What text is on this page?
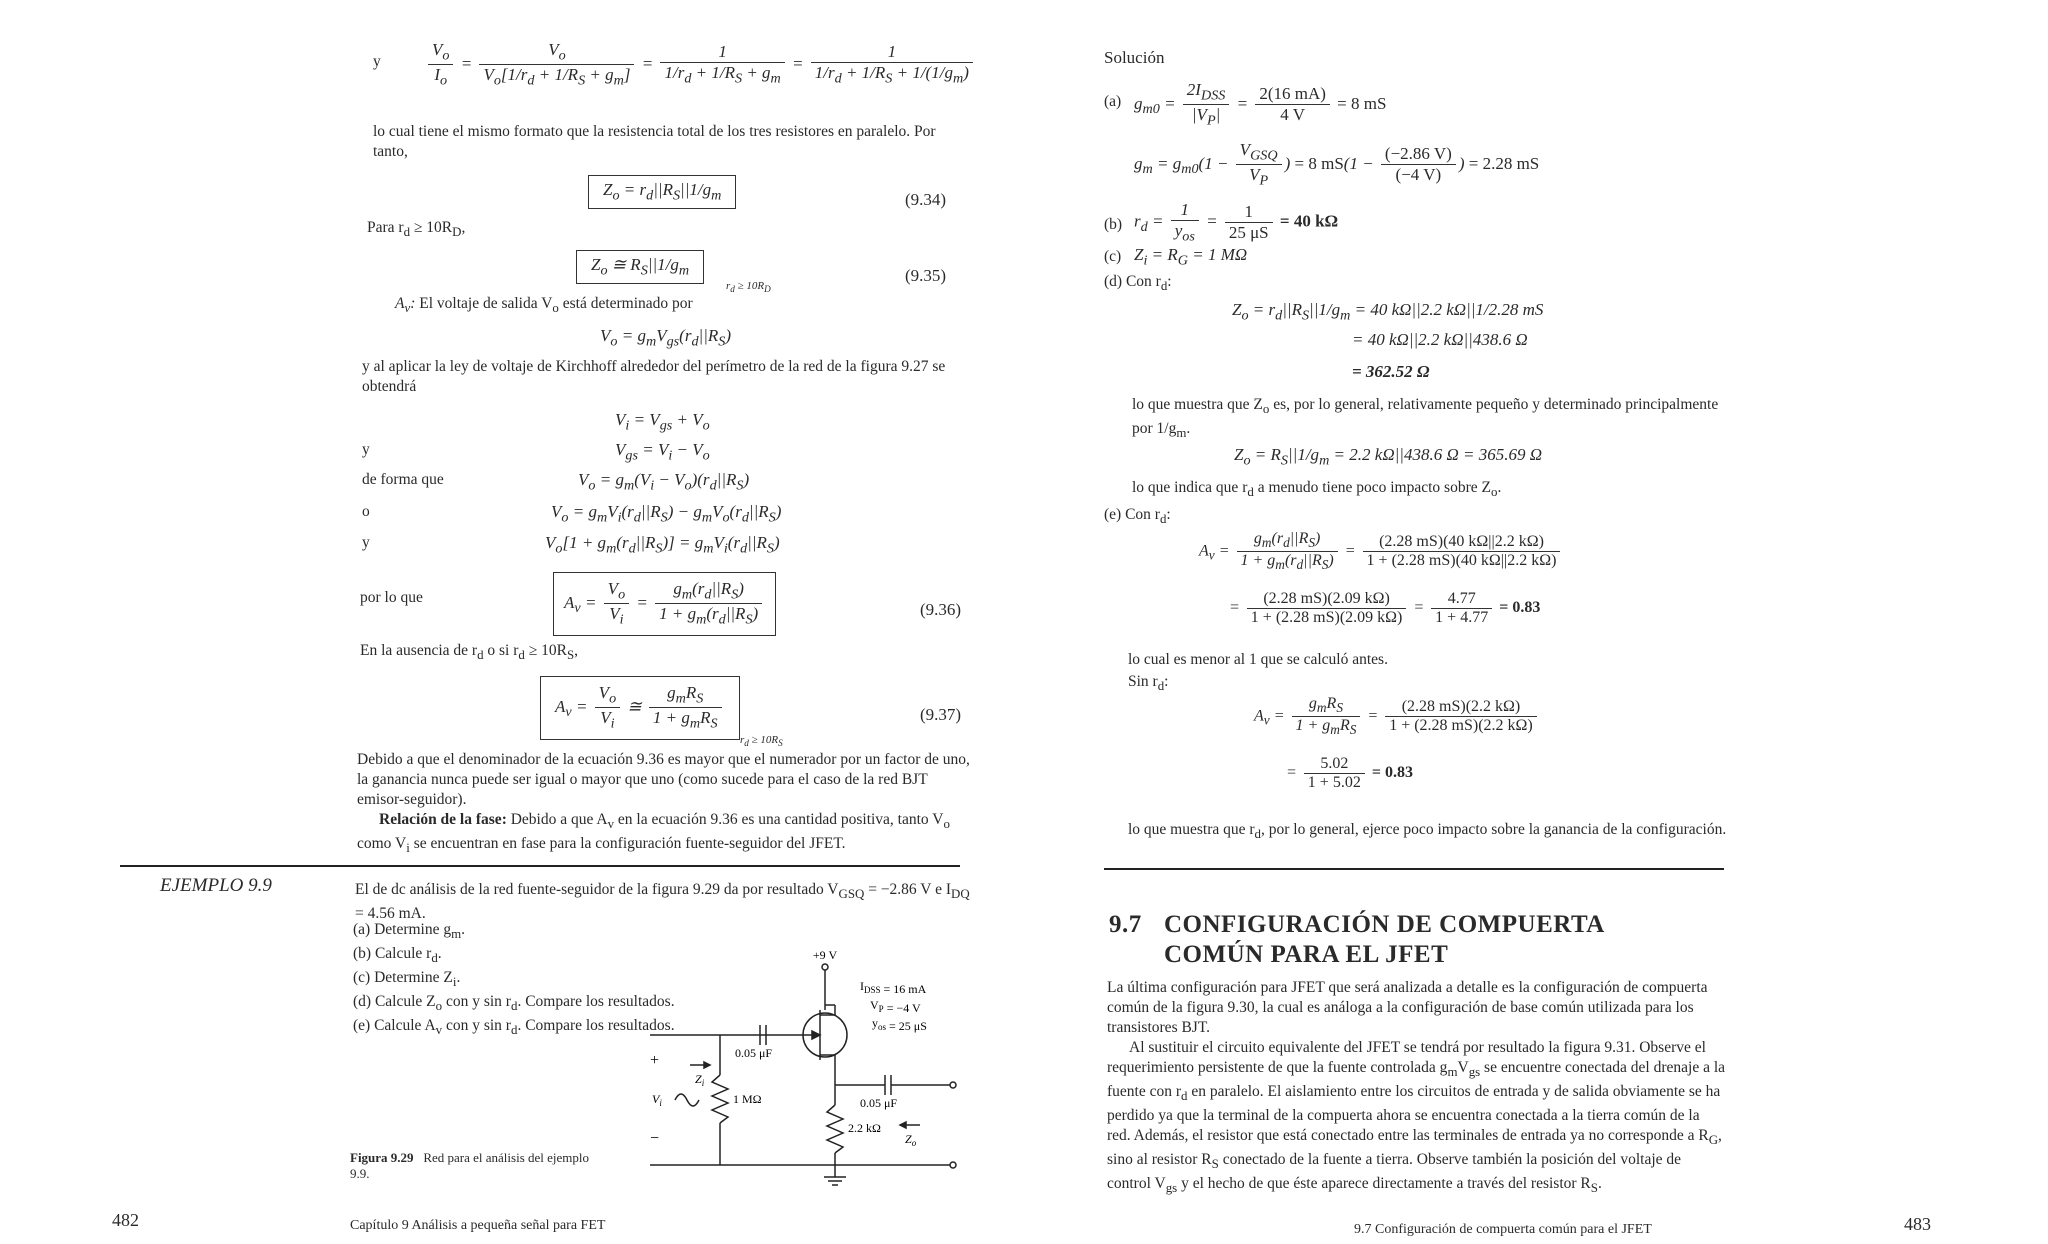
y	$\frac{V_o}{I_o} = \frac{V_o}{V_o[1/r_d + 1/R_S + g_m]} = \frac{1}{1/r_d + 1/R_S + g_m} = \frac{1}{1/r_d + 1/R_S + 1/(1/g_m)}$

lo cual tiene el mismo formato que la resistencia total de los tres resistores en paralelo. Por tanto,

$Z_o = r_d||R_S||1/g_m$	(9.34)
Para $r_d \ge 10R_D$,
$Z_o$ ≅ $R_S||1/g_m$
$r_d \ge 10R_D$
(9.35)
$A_v$: El voltaje de salida $V_o$ está determinado por
$V_o = g_mV_{gs}(r_d||R_S)$

y al aplicar la ley de voltaje de Kirchhoff alrededor del perímetro de la red de la figura 9.27 se obtendrá

$V_i = V_{gs} + V_o$
y	$V_{gs} = V_i - V_o$
de forma que	$V_o = g_m(V_i - V_o)(r_d||R_S)$
o	$V_o = g_mV_i(r_d||R_S) - g_mV_o(r_d||R_S)$
y	$V_o[1 + g_m(r_d||R_S)] = g_mV_i(r_d||R_S)$
por lo que	$A_v = \frac{V_o}{V_i} = \frac{g_m(r_d||R_S)}{1 + g_m(r_d||R_S)}$	(9.36)
En la ausencia de $r_d$ o si $r_d \ge 10R_S$,
$A_v = \frac{V_o}{V_i}$ ≅ $\frac{g_mR_S}{1 + g_mR_S}$
$r_d \ge 10R_S$
(9.37)

Debido a que el denominador de la ecuación 9.36 es mayor que el numerador por un factor de uno, la ganancia nunca puede ser igual o mayor que uno (como sucede para el caso de la red BJT emisor-seguidor).

Relación de la fase: Debido a que $A_v$ en la ecuación 9.36 es una cantidad positiva, tanto $V_o$ como $V_i$ se encuentran en fase para la configuración fuente-seguidor del JFET.

EJEMPLO 9.9	El de dc análisis de la red fuente-seguidor de la figura 9.29 da por resultado $V_{GSQ} = -2.86$ V e $I_{DQ} = 4.56$ mA.

(a) Determine $g_m$.
(b) Calcule $r_d$.
(c) Determine $Z_i$.
(d) Calcule $Z_o$ con y $\sin r_d$. Compare los resultados.
(e) Calcule $A_v$ con y $\sin r_d$. Compare los resultados.
+9 V
$I_{DSS} = 16$ mA
$V_P = -4$ V
$y_{os} = 25$ μS
0.05 μF
1 MΩ	0.05 μF
2.2 kΩ
$V_i$
$Z_i$
$Z_o$
+
−
Figura 9.29 Red para el análisis del ejemplo 9.9.
482	Capítulo 9 Análisis a pequeña señal para FET
Solución
(a) $g_{m0} = \frac{2I_{DSS}}{|V_P|} = \frac{2(16 mA)}{4 V} = 8$ mS
$g_m = g_{m0}(1 - \frac{V_{GSQ}}{V_P}$ ) = 8 $mS(1 - \frac{(-2.86 V)}{(-4 V)}$ ) = 2.28 mS
(b) $r_d = \frac{1}{y_{os}} = \frac{1}{25 \mu S} = 40$ kΩ
(c) $Z_i = R_G = 1$ MΩ
(d) Con $r_d$:
$Z_o = r_d||R_S||1/g_m = 40$ kΩ||2.2 kΩ||1/2.28 mS
= 40 kΩ||2.2 kΩ||438.6 Ω
= 362.52 Ω

lo que muestra que $Z_o$ es, por lo general, relativamente pequeño y determinado principalmente por $1/g_m$.

$Z_o = R_S||1/g_m = 2.2$ kΩ||438.6 Ω = 365.69 Ω
lo que indica que $r_d$ a menudo tiene poco impacto sobre $Z_o$.
(e) Con $r_d$:
$A_v = \frac{g_m(r_d||R_S)}{1 + g_m(r_d||R_S)} = \frac{(2.28 mS)(40 k\Omega||2.2 k\Omega)}{1 + (2.28 mS)(40 k\Omega||2.2 k\Omega)}$
= $\frac{(2.28 mS)(2.09 k\Omega)}{1 + (2.28 mS)(2.09 k\Omega)} = \frac{4.77}{1 + 4.77} = 0.83$
lo cual es menor al 1 que se calculó antes.
Sin $r_d$:
$A_v = \frac{g_mR_S}{1 + g_mR_S} = \frac{(2.28 mS)(2.2 k\Omega)}{1 + (2.28 mS)(2.2 k\Omega)}$
= $\frac{5.02}{1 + 5.02} = 0.83$

lo que muestra que $r_d$, por lo general, ejerce poco impacto sobre la ganancia de la configuración.

9.7 CONFIGURACIÓN DE COMPUERTA
COMÚN PARA EL JFET

La última configuración para JFET que será analizada a detalle es la configuración de compuerta común de la figura 9.30, la cual es análoga a la configuración de base común utilizada para los transistores BJT.

Al sustituir el circuito equivalente del JFET se tendrá por resultado la figura 9.31. Observe el requerimiento persistente de que la fuente controlada $g_mV_{gs}$ se encuentre conectada del drenaje a la fuente con $r_d$ en paralelo. El aislamiento entre los circuitos de entrada y de salida obviamente se ha perdido ya que la terminal de la compuerta ahora se encuentra conectada a la tierra común de la red. Además, el resistor que está conectado entre las terminales de entrada ya no corresponde a $R_G$, sino al resistor $R_S$ conectado de la fuente a tierra. Observe también la posición del voltaje de control $V_{gs}$ y el hecho de que éste aparece directamente a través del resistor $R_S$.

9.7 Configuración de compuerta común para el JFET	483
